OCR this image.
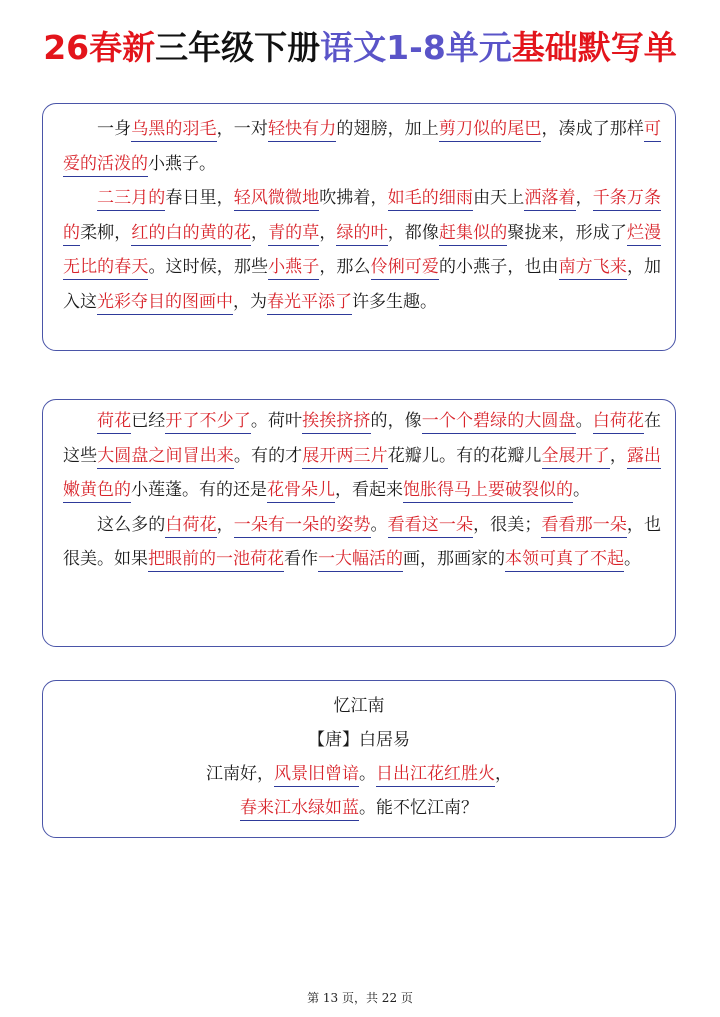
26春新三年级下册语文1-8单元基础默写单

一身乌黑的羽毛，一对轻快有力的翅膀，加上剪刀似的尾巴，凑成了那样可爱的活泼的小燕子。

二三月的春日里，轻风微微地吹拂着，如毛的细雨由天上洒落着，千条万条的柔柳，红的白的黄的花，青的草，绿的叶，都像赶集似的聚拢来，形成了烂漫无比的春天。这时候，那些小燕子，那么伶俐可爱的小燕子，也由南方飞来，加入这光彩夺目的图画中，为春光平添了许多生趣。

荷花已经开了不少了。荷叶挨挨挤挤的，像一个个碧绿的大圆盘。白荷花在这些大圆盘之间冒出来。有的才展开两三片花瓣儿。有的花瓣儿全展开了，露出嫩黄色的小莲蓬。有的还是花骨朵儿，看起来饱胀得马上要破裂似的。

这么多的白荷花，一朵有一朵的姿势。看看这一朵，很美；看看那一朵，也很美。如果把眼前的一池荷花看作一大幅活的画，那画家的本领可真了不起。

忆江南

【唐】白居易

江南好，风景旧曾谙。日出江花红胜火，

春来江水绿如蓝。能不忆江南？

第 13 页，共 22 页
